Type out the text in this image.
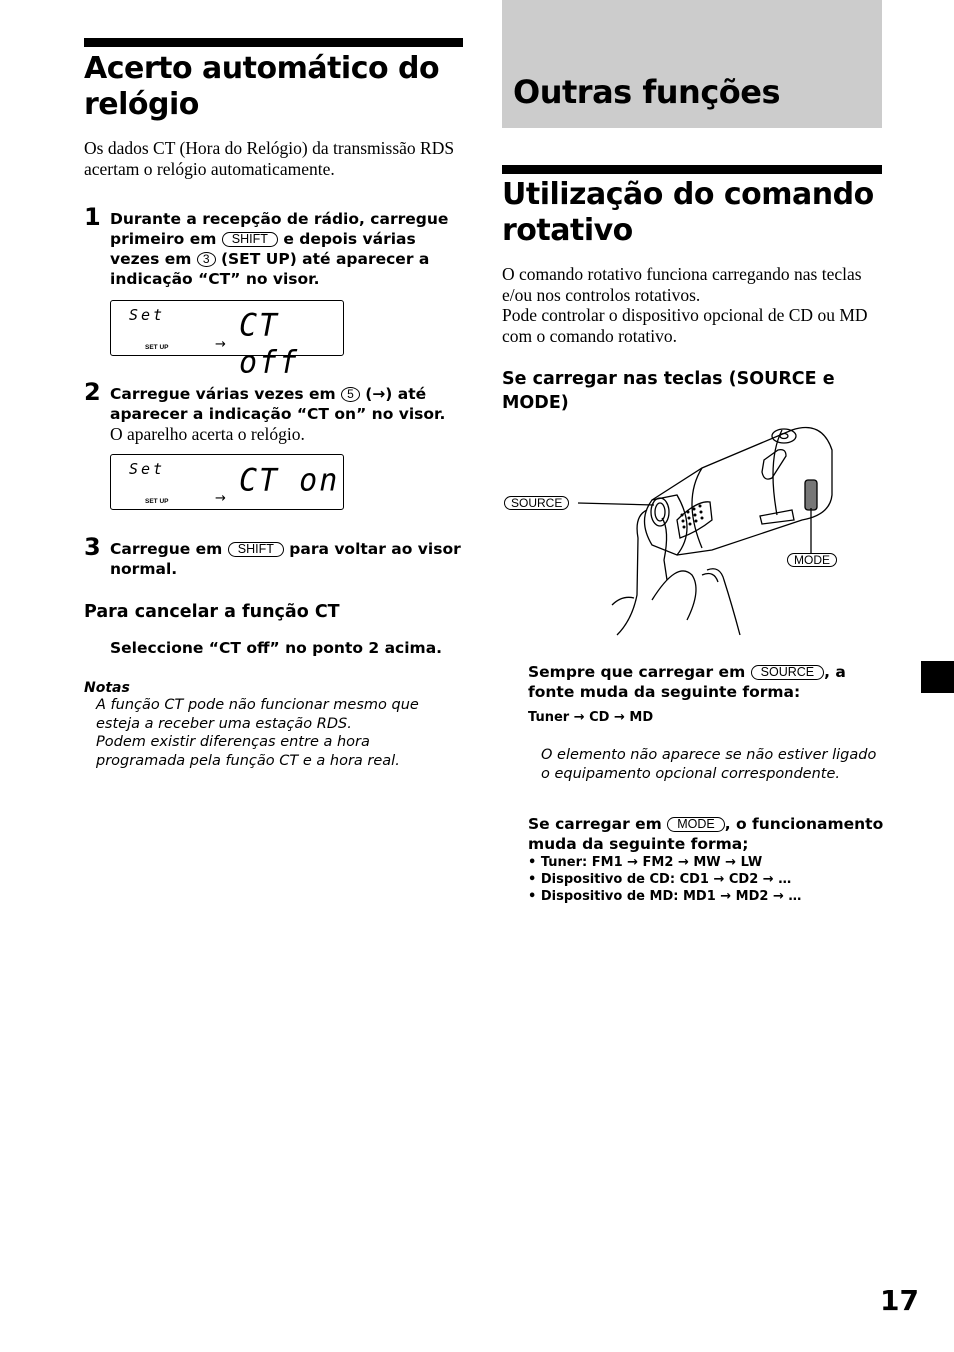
Acerto automático do relógio
Os dados CT (Hora do Relógio) da transmissão RDS acertam o relógio automaticamente.
1 Durante a recepção de rádio, carregue primeiro em SHIFT e depois várias vezes em 3 (SET UP) até aparecer a indicação “CT” no visor.
Set CT off
SET UP	→
2 Carregue várias vezes em 5 (→) até aparecer a indicação “CT on” no visor.
O aparelho acerta o relógio.
Set CT on
SET UP	→
3 Carregue em SHIFT para voltar ao visor normal.
Para cancelar a função CT
Seleccione “CT off” no ponto 2 acima.
Notas
A função CT pode não funcionar mesmo que esteja a receber uma estação RDS.
Podem existir diferenças entre a hora programada pela função CT e a hora real.
Outras funções
Utilização do comando rotativo
O comando rotativo funciona carregando nas teclas e/ou nos controlos rotativos.
Pode controlar o dispositivo opcional de CD ou MD com o comando rotativo.
Se carregar nas teclas (SOURCE e MODE)
SOURCE
MODE
Sempre que carregar em SOURCE , a fonte muda da seguinte forma:
Tuner → CD → MD
O elemento não aparece se não estiver ligado o equipamento opcional correspondente.
Se carregar em MODE , o funcionamento muda da seguinte forma;
• Tuner: FM1 → FM2 → MW → LW
• Dispositivo de CD: CD1 → CD2 → …
• Dispositivo de MD: MD1 → MD2 → …
17
